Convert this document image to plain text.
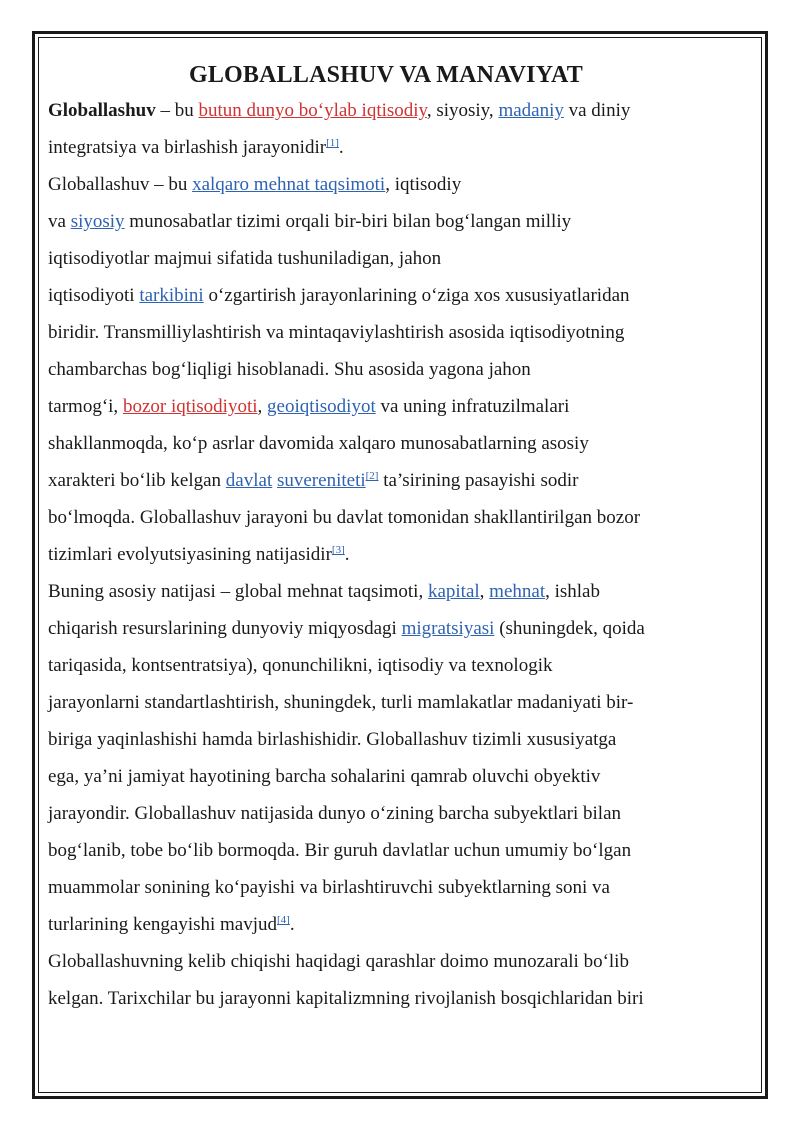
GLOBALLASHUV VA MANAVIYAT

Globallashuv – bu butun dunyo bo‘ylab iqtisodiy, siyosiy, madaniy va diniy
integratsiya va birlashish jarayonidir[1].

Globallashuv – bu xalqaro mehnat taqsimoti, iqtisodiy
va siyosiy munosabatlar tizimi orqali bir-biri bilan bog‘langan milliy
iqtisodiyotlar majmui sifatida tushuniladigan, jahon
iqtisodiyoti tarkibini o‘zgartirish jarayonlarining o‘ziga xos xususiyatlaridan
biridir. Transmilliylashtirish va mintaqaviylashtirish asosida iqtisodiyotning
chambarchas bog‘liqligi hisoblanadi. Shu asosida yagona jahon
tarmog‘i, bozor iqtisodiyoti, geoiqtisodiyot va uning infratuzilmalari
shakllanmoqda, ko‘p asrlar davomida xalqaro munosabatlarning asosiy
xarakteri bo‘lib kelgan davlat suvereniteti[2] ta’sirining pasayishi sodir
bo‘lmoqda. Globallashuv jarayoni bu davlat tomonidan shakllantirilgan bozor
tizimlari evolyutsiyasining natijasidir[3].

Buning asosiy natijasi – global mehnat taqsimoti, kapital, mehnat, ishlab
chiqarish resurslarining dunyoviy miqyosdagi migratsiyasi (shuningdek, qoida
tariqasida, kontsentratsiya), qonunchilikni, iqtisodiy va texnologik
jarayonlarni standartlashtirish, shuningdek, turli mamlakatlar madaniyati bir-
biriga yaqinlashishi hamda birlashishidir. Globallashuv tizimli xususiyatga
ega, ya’ni jamiyat hayotining barcha sohalarini qamrab oluvchi obyektiv
jarayondir. Globallashuv natijasida dunyo o‘zining barcha subyektlari bilan
bog‘lanib, tobe bo‘lib bormoqda. Bir guruh davlatlar uchun umumiy bo‘lgan
muammolar sonining ko‘payishi va birlashtiruvchi subyektlarning soni va
turlarining kengayishi mavjud[4].

Globallashuvning kelib chiqishi haqidagi qarashlar doimo munozarali bo‘lib
kelgan. Tarixchilar bu jarayonni kapitalizmning rivojlanish bosqichlaridan biri
